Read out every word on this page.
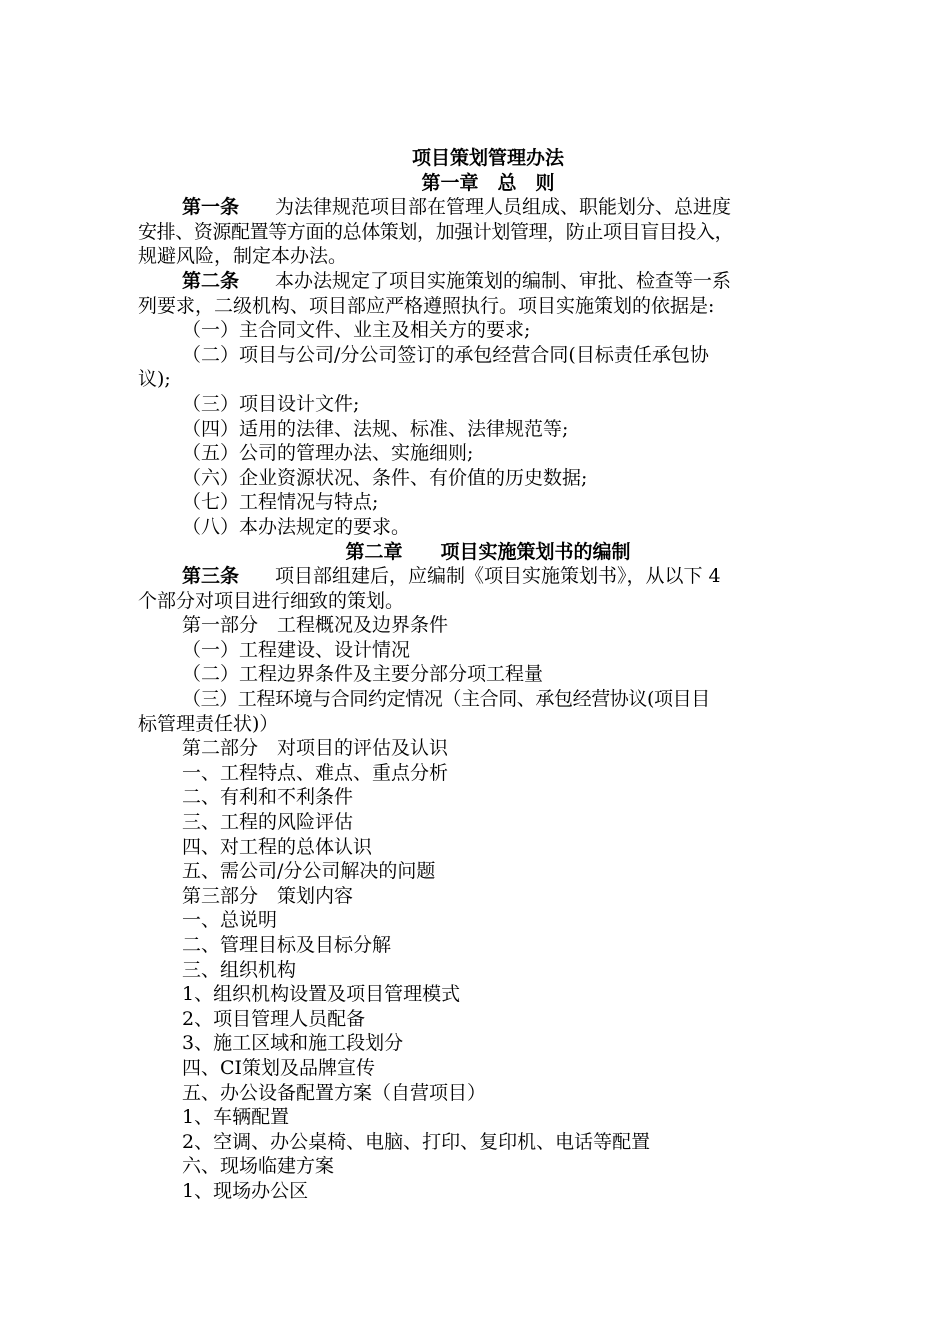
项目策划管理办法
第一章　总　则
第一条 为法律规范项目部在管理人员组成、职能划分、总进度
安排、资源配置等方面的总体策划，加强计划管理，防止项目盲目投入，
规避风险，制定本办法。
第二条 本办法规定了项目实施策划的编制、审批、检查等一系
列要求，二级机构、项目部应严格遵照执行。项目实施策划的依据是:
（一）主合同文件、业主及相关方的要求;
（二）项目与公司/分公司签订的承包经营合同(目标责任承包协
议);
（三）项目设计文件;
（四）适用的法律、法规、标准、法律规范等;
（五）公司的管理办法、实施细则;
（六）企业资源状况、条件、有价值的历史数据;
（七）工程情况与特点;
（八）本办法规定的要求。
第二章　　项目实施策划书的编制
第三条 项目部组建后，应编制《项目实施策划书》，从以下 4
个部分对项目进行细致的策划。
第一部分　工程概况及边界条件
（一）工程建设、设计情况
（二）工程边界条件及主要分部分项工程量
（三）工程环境与合同约定情况（主合同、承包经营协议(项目目
标管理责任状)）
第二部分　对项目的评估及认识
一、工程特点、难点、重点分析
二、有利和不利条件
三、工程的风险评估
四、对工程的总体认识
五、需公司/分公司解决的问题
第三部分　策划内容
一、总说明
二、管理目标及目标分解
三、组织机构
1、组织机构设置及项目管理模式
2、项目管理人员配备
3、施工区域和施工段划分
四、CI策划及品牌宣传
五、办公设备配置方案（自营项目）
1、车辆配置
2、空调、办公桌椅、电脑、打印、复印机、电话等配置
六、现场临建方案
1、现场办公区
